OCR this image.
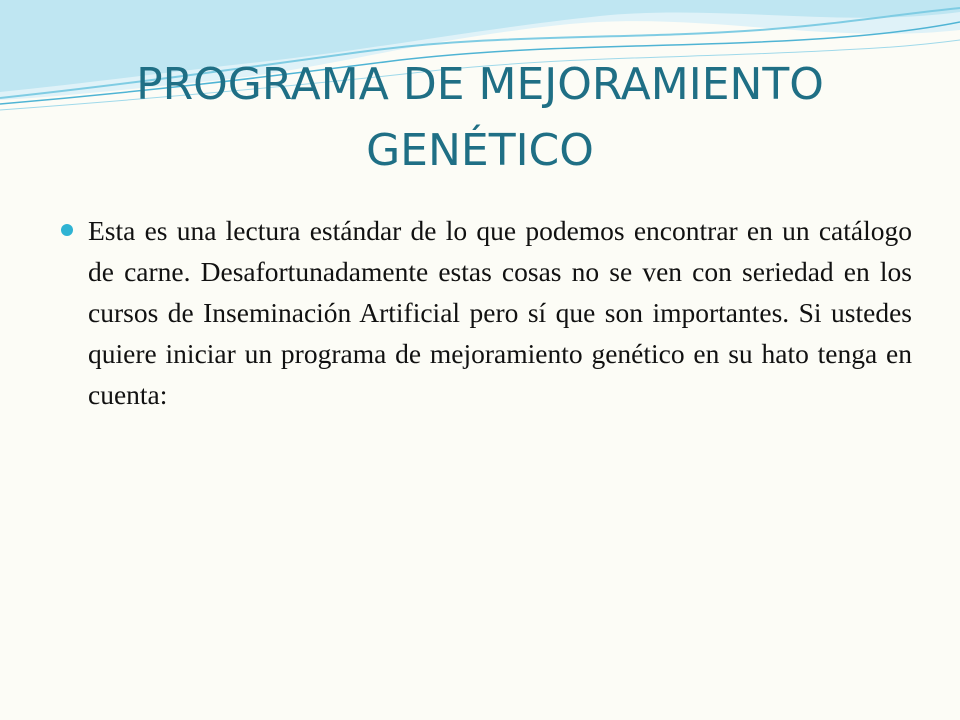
PROGRAMA DE MEJORAMIENTO GENÉTICO

Esta es una lectura estándar de lo que podemos encontrar en un catálogo de carne. Desafortunadamente estas cosas no se ven con seriedad en los cursos de Inseminación Artificial pero sí que son importantes. Si ustedes quiere iniciar un programa de mejoramiento genético en su hato tenga en cuenta:
